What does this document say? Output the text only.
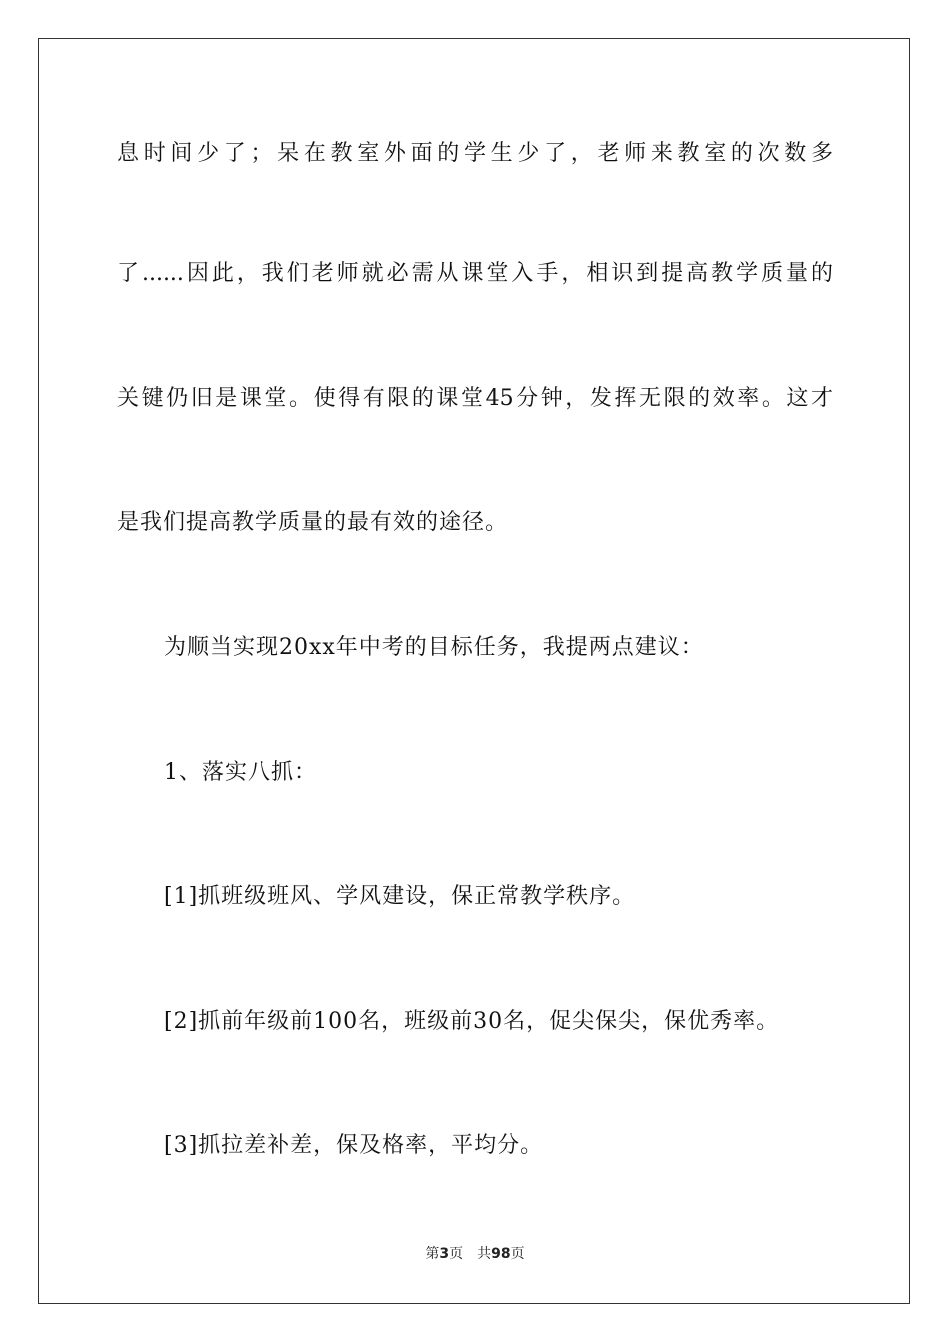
息时间少了；呆在教室外面的学生少了，老师来教室的次数多
了......因此，我们老师就必需从课堂入手，相识到提高教学质量的
关键仍旧是课堂。使得有限的课堂45分钟，发挥无限的效率。这才
是我们提高教学质量的最有效的途径。
为顺当实现20xx年中考的目标任务，我提两点建议：
1、落实八抓：
[1]抓班级班风、学风建设，保正常教学秩序。
[2]抓前年级前100名，班级前30名，促尖保尖，保优秀率。
[3]抓拉差补差，保及格率，平均分。
第3页 共98页
